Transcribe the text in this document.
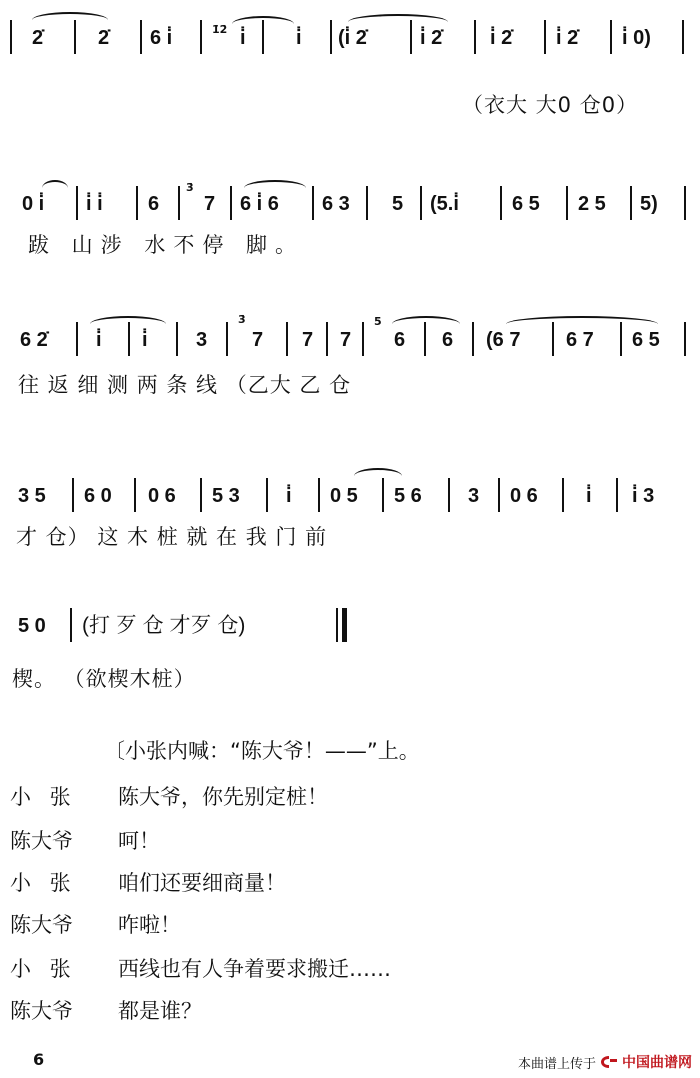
1̇2̇
2̇	2̇ 6 i̇	i̇	i̇ (i̇ 2̇	i̇ 2̇ i̇ 2̇ i̇ 2̇ i̇ 0)
（衣大 大0 仓0）
3̇
0 i̇ i̇ i̇ 6 7 6 i̇ 6 6 3 5 (5.i̇	6 5 2 5 5)
跋 山涉 水不停 脚。
3̇	5
6 2̇ i̇ i̇ 3 7 7 7 6 6 (6 7 6 7 6 5
往 返 细 测 两 条 线 （乙大 乙 仓
3 5 6 0 0 6 5 3 i̇ 0 5 5 6 3 0 6 i̇ i̇ 3
才 仓） 这 木 桩 就 在 我 门 前
5 0 (打 歹 仓 才歹 仓)
楔。 （欲楔木桩）
〔小张内喊：“陈大爷！——”上。
小 张 陈大爷，你先别定桩！
陈大爷 呵！
小 张 咱们还要细商量！
陈大爷 咋啦！
小 张 西线也有人争着要求搬迁……
陈大爷 都是谁？
6	本曲谱上传于 中国曲谱网
